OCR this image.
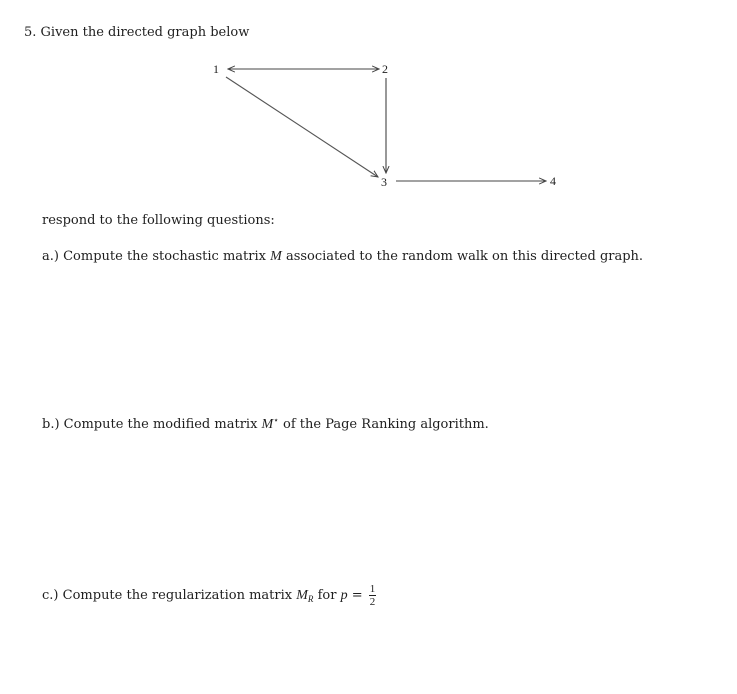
5. Given the directed graph below
1	2
3	4
respond to the following questions:
a.) Compute the stochastic matrix M associated to the random walk on this directed graph.
b.) Compute the modified matrix M⋆ of the Page Ranking algorithm.
c.) Compute the regularization matrix $M_R$ for $p = \frac{1}{2}$
